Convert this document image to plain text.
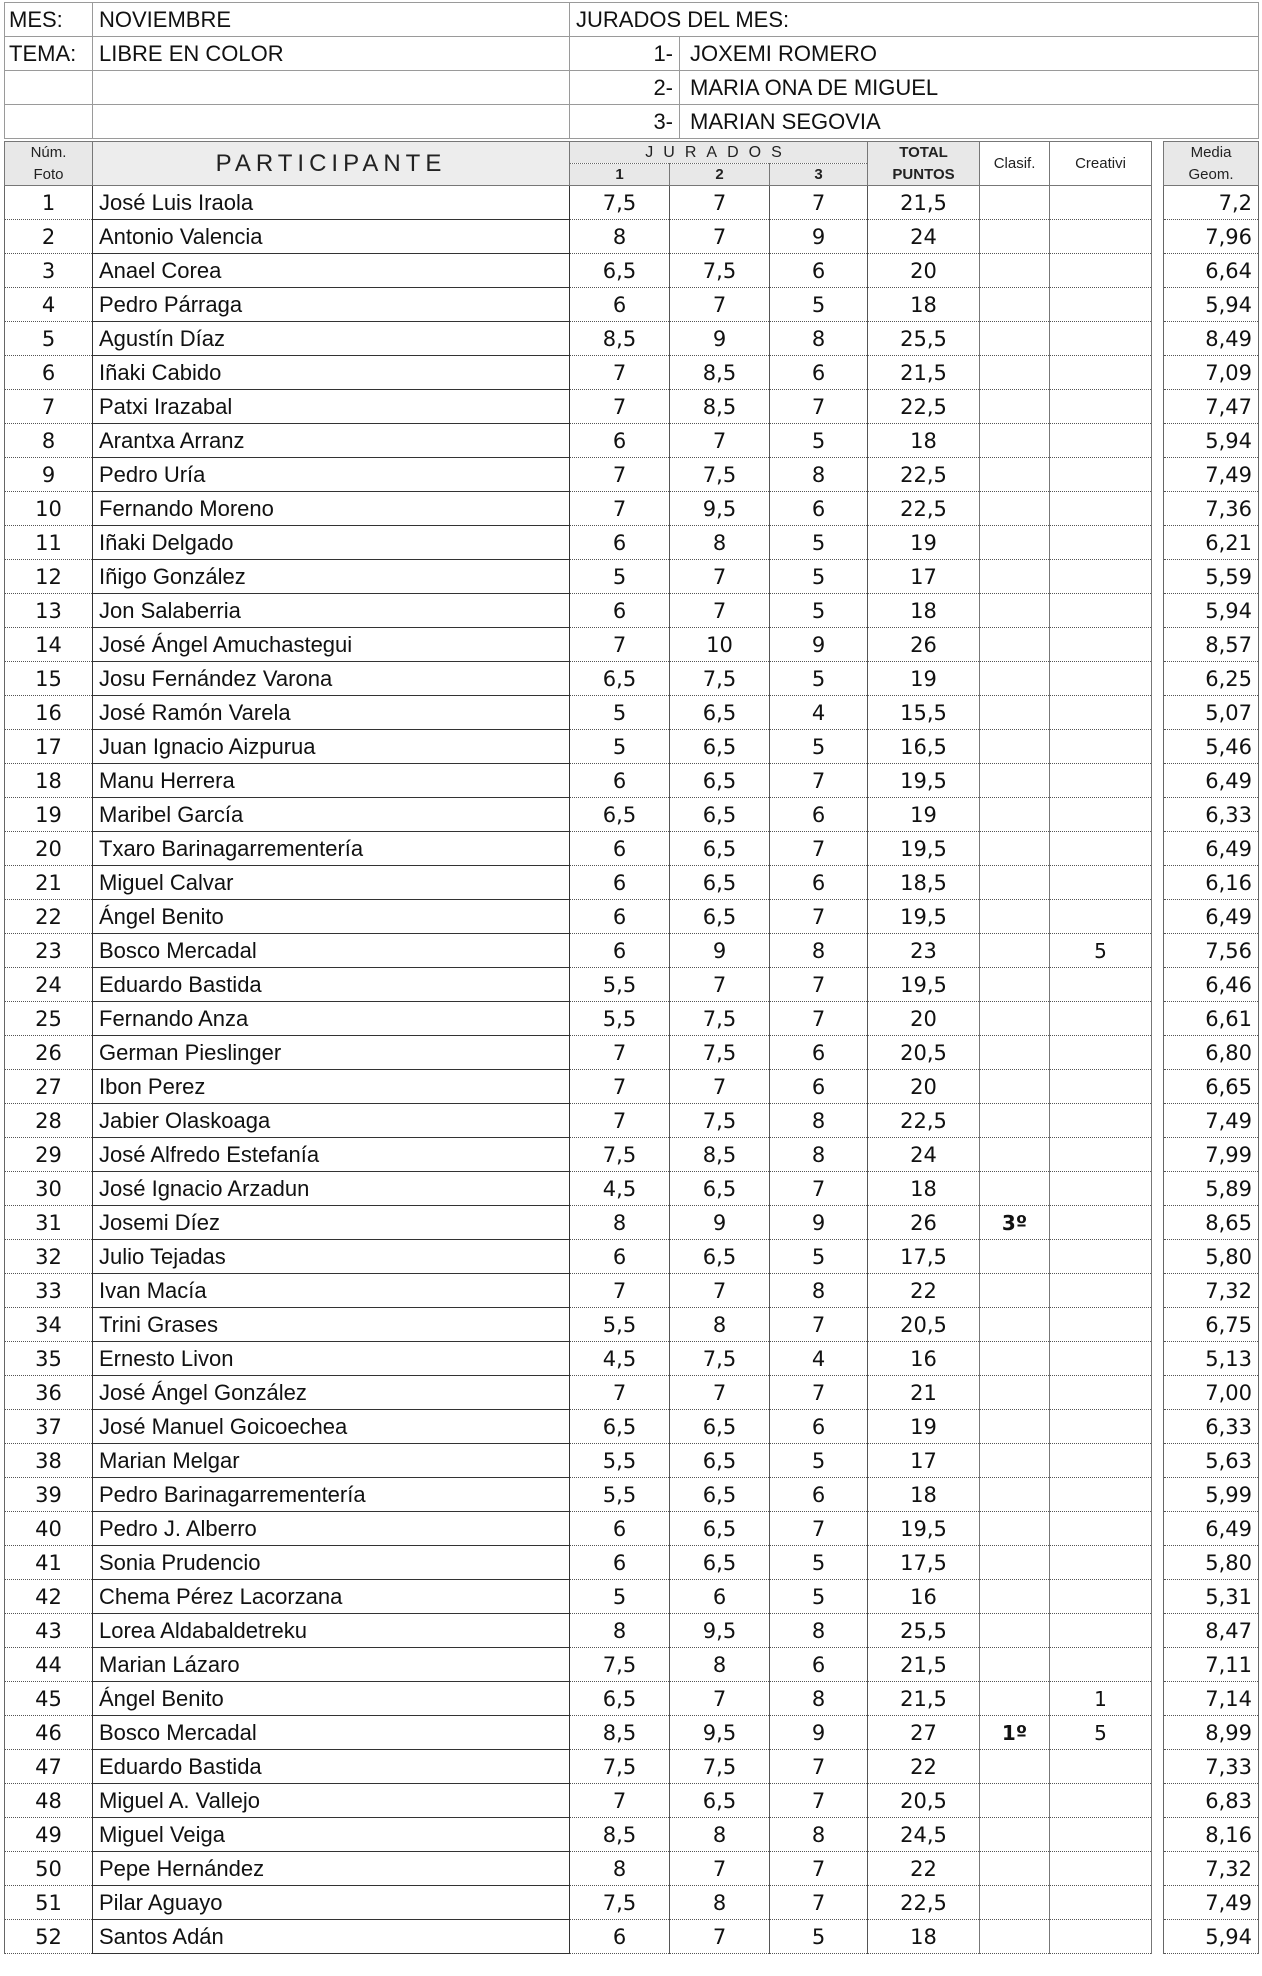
MES:	NOVIEMBRE	JURADOS DEL MES:	
TEMA:	LIBRE EN COLOR	1-	JOXEMI ROMERO
		2-	MARIA ONA DE MIGUEL
		3-	MARIAN SEGOVIA
Núm.	PARTICIPANTE	JURADOS			TOTAL	Clasif.	Creativi		Media
Foto		1	2	3	PUNTOS				Geom.
1	José Luis Iraola	7,5	7	7	21,5				7,2
2	Antonio Valencia	8	7	9	24				7,96
3	Anael Corea	6,5	7,5	6	20				6,64
4	Pedro Párraga	6	7	5	18				5,94
5	Agustín Díaz	8,5	9	8	25,5				8,49
6	Iñaki Cabido	7	8,5	6	21,5				7,09
7	Patxi Irazabal	7	8,5	7	22,5				7,47
8	Arantxa Arranz	6	7	5	18				5,94
9	Pedro Uría	7	7,5	8	22,5				7,49
10	Fernando Moreno	7	9,5	6	22,5				7,36
11	Iñaki Delgado	6	8	5	19				6,21
12	Iñigo González	5	7	5	17				5,59
13	Jon Salaberria	6	7	5	18				5,94
14	José Ángel Amuchastegui	7	10	9	26				8,57
15	Josu Fernández Varona	6,5	7,5	5	19				6,25
16	José Ramón Varela	5	6,5	4	15,5				5,07
17	Juan Ignacio Aizpurua	5	6,5	5	16,5				5,46
18	Manu Herrera	6	6,5	7	19,5				6,49
19	Maribel García	6,5	6,5	6	19				6,33
20	Txaro Barinagarrementería	6	6,5	7	19,5				6,49
21	Miguel Calvar	6	6,5	6	18,5				6,16
22	Ángel Benito	6	6,5	7	19,5				6,49
23	Bosco Mercadal	6	9	8	23		5		7,56
24	Eduardo Bastida	5,5	7	7	19,5				6,46
25	Fernando Anza	5,5	7,5	7	20				6,61
26	German Pieslinger	7	7,5	6	20,5				6,80
27	Ibon Perez	7	7	6	20				6,65
28	Jabier Olaskoaga	7	7,5	8	22,5				7,49
29	José Alfredo Estefanía	7,5	8,5	8	24				7,99
30	José Ignacio Arzadun	4,5	6,5	7	18				5,89
31	Josemi Díez	8	9	9	26	3º			8,65
32	Julio Tejadas	6	6,5	5	17,5				5,80
33	Ivan Macía	7	7	8	22				7,32
34	Trini Grases	5,5	8	7	20,5				6,75
35	Ernesto Livon	4,5	7,5	4	16				5,13
36	José Ángel González	7	7	7	21				7,00
37	José Manuel Goicoechea	6,5	6,5	6	19				6,33
38	Marian Melgar	5,5	6,5	5	17				5,63
39	Pedro Barinagarrementería	5,5	6,5	6	18				5,99
40	Pedro J. Alberro	6	6,5	7	19,5				6,49
41	Sonia Prudencio	6	6,5	5	17,5				5,80
42	Chema Pérez Lacorzana	5	6	5	16				5,31
43	Lorea Aldabaldetreku	8	9,5	8	25,5				8,47
44	Marian Lázaro	7,5	8	6	21,5				7,11
45	Ángel Benito	6,5	7	8	21,5		1		7,14
46	Bosco Mercadal	8,5	9,5	9	27	1º	5		8,99
47	Eduardo Bastida	7,5	7,5	7	22				7,33
48	Miguel A. Vallejo	7	6,5	7	20,5				6,83
49	Miguel Veiga	8,5	8	8	24,5				8,16
50	Pepe Hernández	8	7	7	22				7,32
51	Pilar Aguayo	7,5	8	7	22,5				7,49
52	Santos Adán	6	7	5	18				5,94
